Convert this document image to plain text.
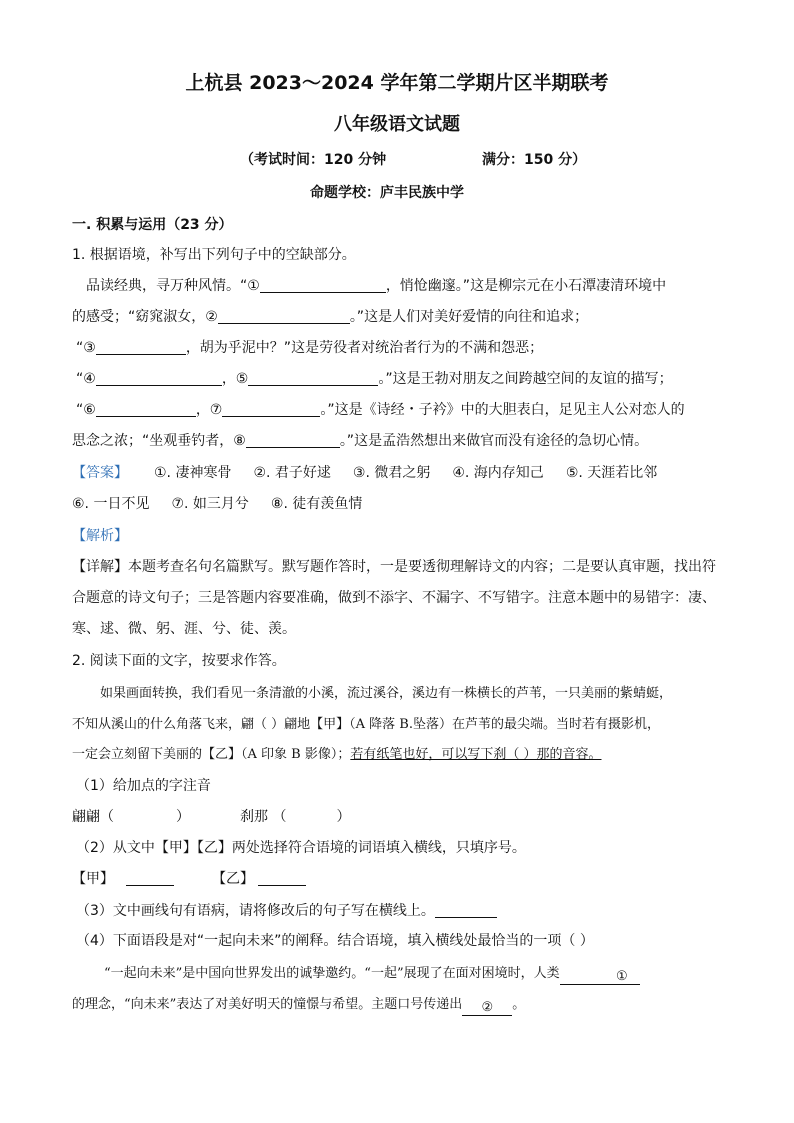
上杭县 2023～2024 学年第二学期片区半期联考
八年级语文试题
（考试时间：120 分钟	满分：150 分）
命题学校：庐丰民族中学
一. 积累与运用（23 分）
1. 根据语境，补写出下列句子中的空缺部分。
品读经典，寻万种风情。“①	，悄怆幽邃。”这是柳宗元在小石潭凄清环境中
的感受；“窈窕淑女，②	。”这是人们对美好爱情的向往和追求；
“③	，胡为乎泥中？”这是劳役者对统治者行为的不满和怨恶；
“④	，⑤	。”这是王勃对朋友之间跨越空间的友谊的描写；
“⑥	，⑦	。”这是《诗经・子衿》中的大胆表白，足见主人公对恋人的
思念之浓；“坐观垂钓者，⑧	。”这是孟浩然想出来做官而没有途径的急切心情。
【答案】 ①. 凄神寒骨 ②. 君子好逑 ③. 微君之躬 ④. 海内存知己 ⑤. 天涯若比邻
⑥. 一日不见 ⑦. 如三月兮 ⑧. 徒有羡鱼情
【解析】
【详解】本题考查名句名篇默写。默写题作答时，一是要透彻理解诗文的内容；二是要认真审题，找出符
合题意的诗文句子；三是答题内容要准确，做到不添字、不漏字、不写错字。注意本题中的易错字：凄、
寒、逑、微、躬、涯、兮、徒、羡。
2. 阅读下面的文字，按要求作答。
如果画面转换，我们看见一条清澈的小溪，流过溪谷，溪边有一株横长的芦苇，一只美丽的紫蜻蜓，
不知从溪山的什么角落飞来，翩（ ）翩地【甲】（A 降落 B.坠落）在芦苇的最尖端。当时若有摄影机，
一定会立刻留下美丽的【乙】（A 印象 B 影像）；若有纸笔也好，可以写下刹（ ）那的音容。
（1）给加点的字注音
翩翩（	）	刹那 （	）
（2）从文中【甲】【乙】两处选择符合语境的词语填入横线，只填序号。
【甲】	【乙】
（3）文中画线句有语病，请将修改后的句子写在横线上。
（4）下面语段是对“一起向未来”的阐释。结合语境，填入横线处最恰当的一项（ ）
“一起向未来”是中国向世界发出的诚挚邀约。“一起”展现了在面对困境时，人类	①
的理念，“向未来”表达了对美好明天的憧憬与希望。主题口号传递出 ② 。
